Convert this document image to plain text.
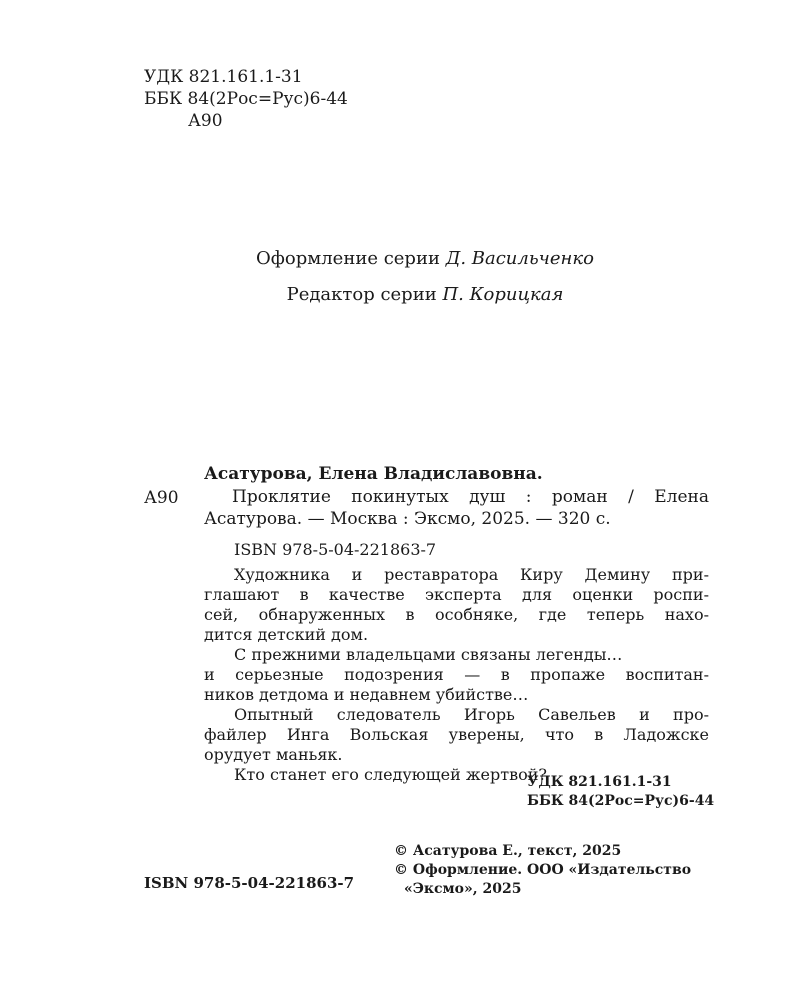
УДК 821.161.1-31
ББК 84(2Рос=Рус)6-44
А90
Оформление серии Д. Васильченко
Редактор серии П. Корицкая
Асатурова, Елена Владиславовна.
А90	Проклятие покинутых душ : роман / Елена
Асатурова. — Москва : Эксмо, 2025. — 320 с.
ISBN 978-5-04-221863-7

Художника и реставратора Киру Демину при-

глашают в качестве эксперта для оценки роспи-

сей, обнаруженных в особняке, где теперь нахо-

дится детский дом.

С прежними владельцами связаны легенды…

и серьезные подозрения — в пропаже воспитан-

ников детдома и недавнем убийстве…

Опытный следователь Игорь Савельев и про-

файлер Инга Вольская уверены, что в Ладожске

орудует маньяк.

Кто станет его следующей жертвой?

УДК 821.161.1-31
ББК 84(2Рос=Рус)6-44
© Асатурова Е., текст, 2025
© Оформление. ООО «Издательство
«Эксмо», 2025
ISBN 978-5-04-221863-7
